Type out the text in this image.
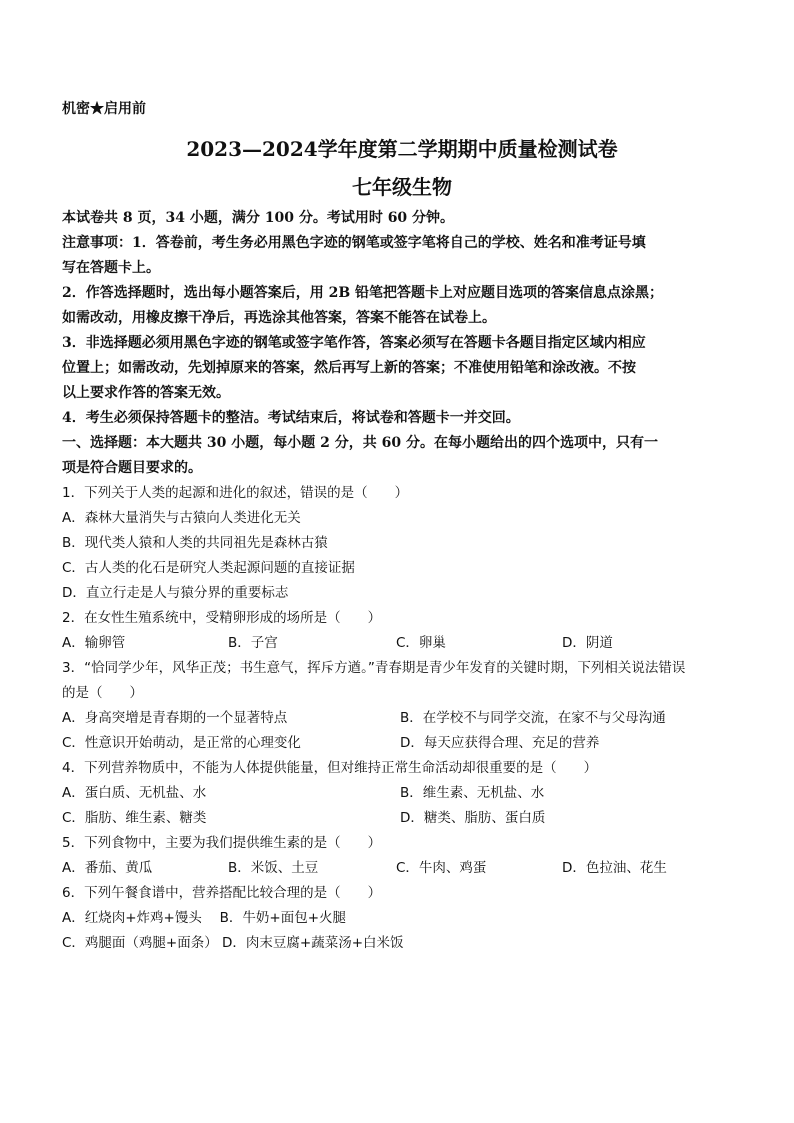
机密★启用前
2023—2024学年度第二学期期中质量检测试卷
七年级生物
本试卷共 8 页，34 小题，满分 100 分。考试用时 60 分钟。
注意事项：1．答卷前，考生务必用黑色字迹的钢笔或签字笔将自己的学校、姓名和准考证号填
写在答题卡上。
2．作答选择题时，选出每小题答案后，用 2B 铅笔把答题卡上对应题目选项的答案信息点涂黑；
如需改动，用橡皮擦干净后，再选涂其他答案，答案不能答在试卷上。
3．非选择题必须用黑色字迹的钢笔或签字笔作答，答案必须写在答题卡各题目指定区域内相应
位置上；如需改动，先划掉原来的答案，然后再写上新的答案；不准使用铅笔和涂改液。不按
以上要求作答的答案无效。
4．考生必须保持答题卡的整洁。考试结束后，将试卷和答题卡一并交回。
一、选择题：本大题共 30 小题，每小题 2 分，共 60 分。在每小题给出的四个选项中，只有一
项是符合题目要求的。
1．下列关于人类的起源和进化的叙述，错误的是（　　）
A．森林大量消失与古猿向人类进化无关
B．现代类人猿和人类的共同祖先是森林古猿
C．古人类的化石是研究人类起源问题的直接证据
D．直立行走是人与猿分界的重要标志
2．在女性生殖系统中，受精卵形成的场所是（　　）
A．输卵管	B．子宫	C．卵巢	D．阴道
3．“恰同学少年，风华正茂；书生意气，挥斥方遒。”青春期是青少年发育的关键时期，下列相关说法错误
的是（　　）
A．身高突增是青春期的一个显著特点	B．在学校不与同学交流，在家不与父母沟通
C．性意识开始萌动，是正常的心理变化	D．每天应获得合理、充足的营养
4．下列营养物质中，不能为人体提供能量，但对维持正常生命活动却很重要的是（　　）
A．蛋白质、无机盐、水	B．维生素、无机盐、水
C．脂肪、维生素、糖类	D．糖类、脂肪、蛋白质
5．下列食物中，主要为我们提供维生素的是（　　）
A．番茄、黄瓜	B．米饭、土豆	C．牛肉、鸡蛋	D．色拉油、花生
6．下列午餐食谱中，营养搭配比较合理的是（　　）
A．红烧肉+炸鸡+馒头　 B．牛奶+面包+火腿
C．鸡腿面（鸡腿+面条） D．肉末豆腐+蔬菜汤+白米饭
